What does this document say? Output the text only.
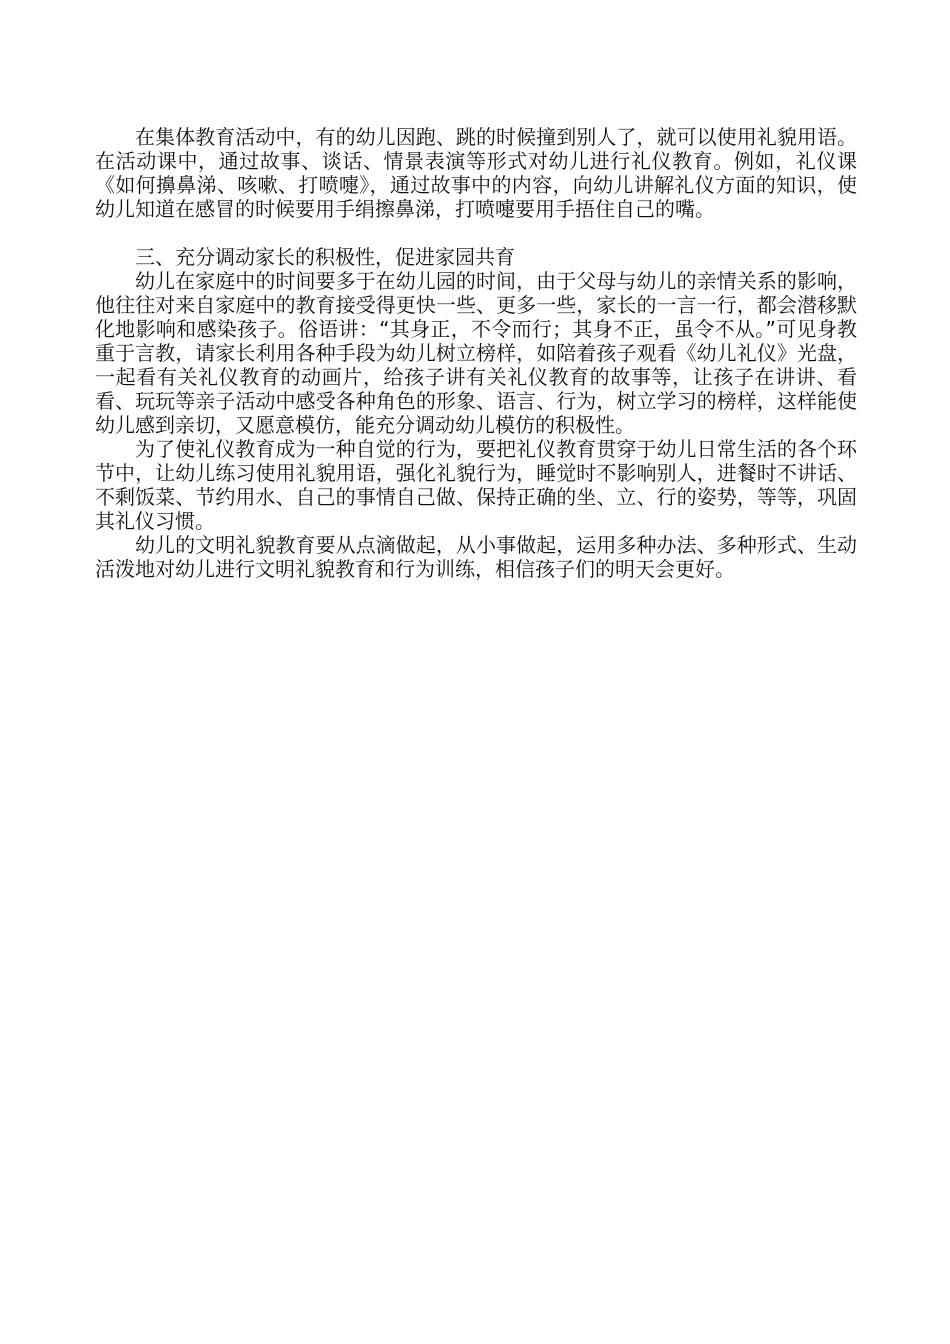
在集体教育活动中，有的幼儿因跑、跳的时候撞到别人了，就可以使用礼貌用语。在活动课中，通过故事、谈话、情景表演等形式对幼儿进行礼仪教育。例如，礼仪课《如何擤鼻涕、咳嗽、打喷嚏》，通过故事中的内容，向幼儿讲解礼仪方面的知识，使幼儿知道在感冒的时候要用手绢擦鼻涕，打喷嚏要用手捂住自己的嘴。

三、充分调动家长的积极性，促进家园共育

幼儿在家庭中的时间要多于在幼儿园的时间，由于父母与幼儿的亲情关系的影响，他往往对来自家庭中的教育接受得更快一些、更多一些，家长的一言一行，都会潜移默化地影响和感染孩子。俗语讲：“其身正，不令而行；其身不正，虽令不从。”可见身教重于言教，请家长利用各种手段为幼儿树立榜样，如陪着孩子观看《幼儿礼仪》光盘，一起看有关礼仪教育的动画片，给孩子讲有关礼仪教育的故事等，让孩子在讲讲、看看、玩玩等亲子活动中感受各种角色的形象、语言、行为，树立学习的榜样，这样能使幼儿感到亲切，又愿意模仿，能充分调动幼儿模仿的积极性。

为了使礼仪教育成为一种自觉的行为，要把礼仪教育贯穿于幼儿日常生活的各个环节中，让幼儿练习使用礼貌用语，强化礼貌行为，睡觉时不影响别人，进餐时不讲话、不剩饭菜、节约用水、自己的事情自己做、保持正确的坐、立、行的姿势，等等，巩固其礼仪习惯。

幼儿的文明礼貌教育要从点滴做起，从小事做起，运用多种办法、多种形式、生动活泼地对幼儿进行文明礼貌教育和行为训练，相信孩子们的明天会更好。
